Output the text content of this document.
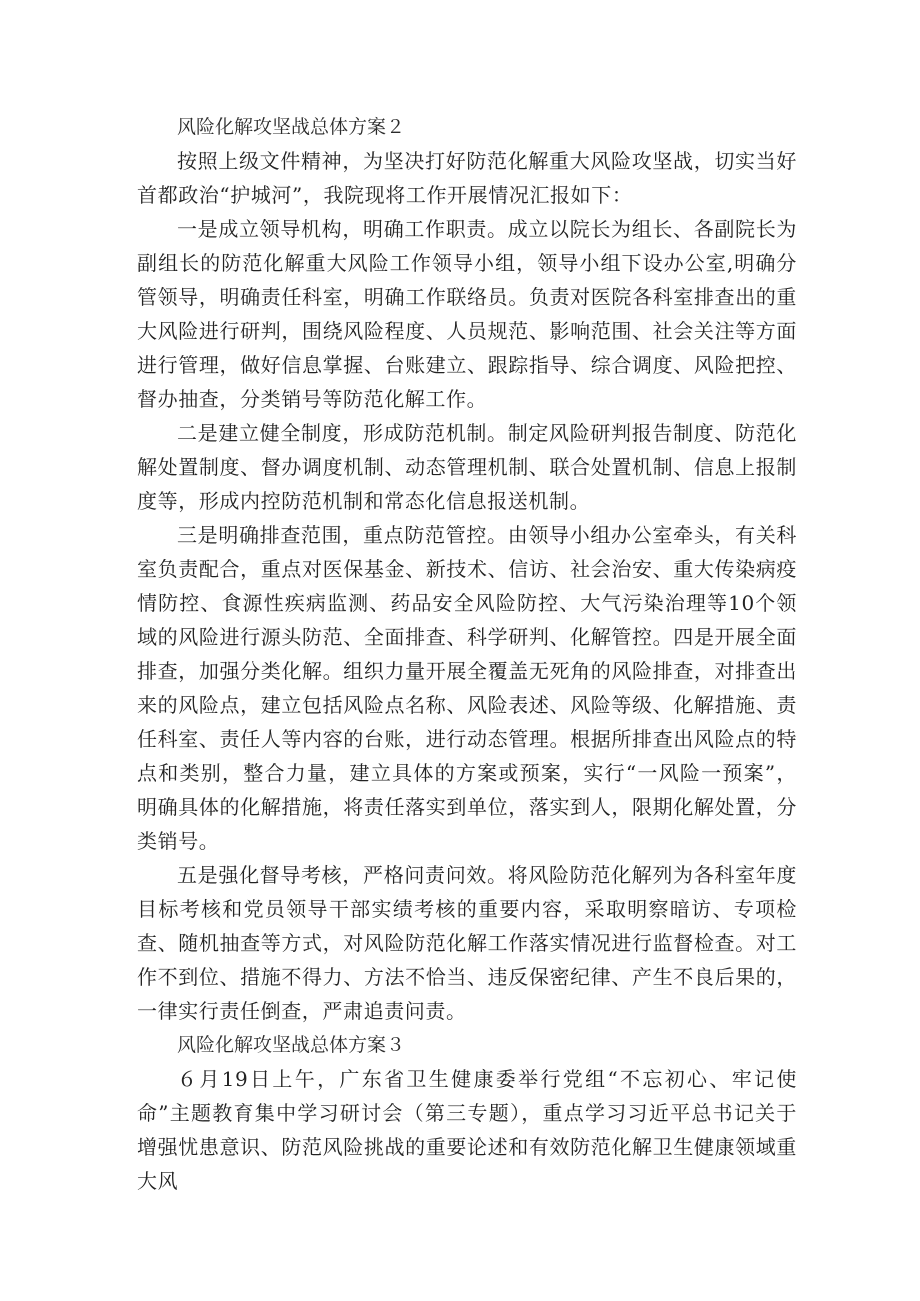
风险化解攻坚战总体方案２

按照上级文件精神，为坚决打好防范化解重大风险攻坚战，切实当好首都政治“护城河”，我院现将工作开展情况汇报如下：

一是成立领导机构，明确工作职责。成立以院长为组长、各副院长为副组长的防范化解重大风险工作领导小组，领导小组下设办公室,明确分管领导，明确责任科室，明确工作联络员。负责对医院各科室排查出的重大风险进行研判，围绕风险程度、人员规范、影响范围、社会关注等方面进行管理，做好信息掌握、台账建立、跟踪指导、综合调度、风险把控、督办抽查，分类销号等防范化解工作。

二是建立健全制度，形成防范机制。制定风险研判报告制度、防范化解处置制度、督办调度机制、动态管理机制、联合处置机制、信息上报制度等，形成内控防范机制和常态化信息报送机制。

三是明确排查范围，重点防范管控。由领导小组办公室牵头，有关科室负责配合，重点对医保基金、新技术、信访、社会治安、重大传染病疫情防控、食源性疾病监测、药品安全风险防控、大气污染治理等10个领域的风险进行源头防范、全面排查、科学研判、化解管控。四是开展全面排查，加强分类化解。组织力量开展全覆盖无死角的风险排查，对排查出来的风险点，建立包括风险点名称、风险表述、风险等级、化解措施、责任科室、责任人等内容的台账，进行动态管理。根据所排查出风险点的特点和类别，整合力量，建立具体的方案或预案，实行“一风险一预案”，明确具体的化解措施，将责任落实到单位，落实到人，限期化解处置，分类销号。

五是强化督导考核，严格问责问效。将风险防范化解列为各科室年度目标考核和党员领导干部实绩考核的重要内容，采取明察暗访、专项检查、随机抽查等方式，对风险防范化解工作落实情况进行监督检查。对工作不到位、措施不得力、方法不恰当、违反保密纪律、产生不良后果的，一律实行责任倒查，严肃追责问责。

风险化解攻坚战总体方案３

６月19日上午，广东省卫生健康委举行党组“不忘初心、牢记使命”主题教育集中学习研讨会（第三专题），重点学习习近平总书记关于增强忧患意识、防范风险挑战的重要论述和有效防范化解卫生健康领域重大风
